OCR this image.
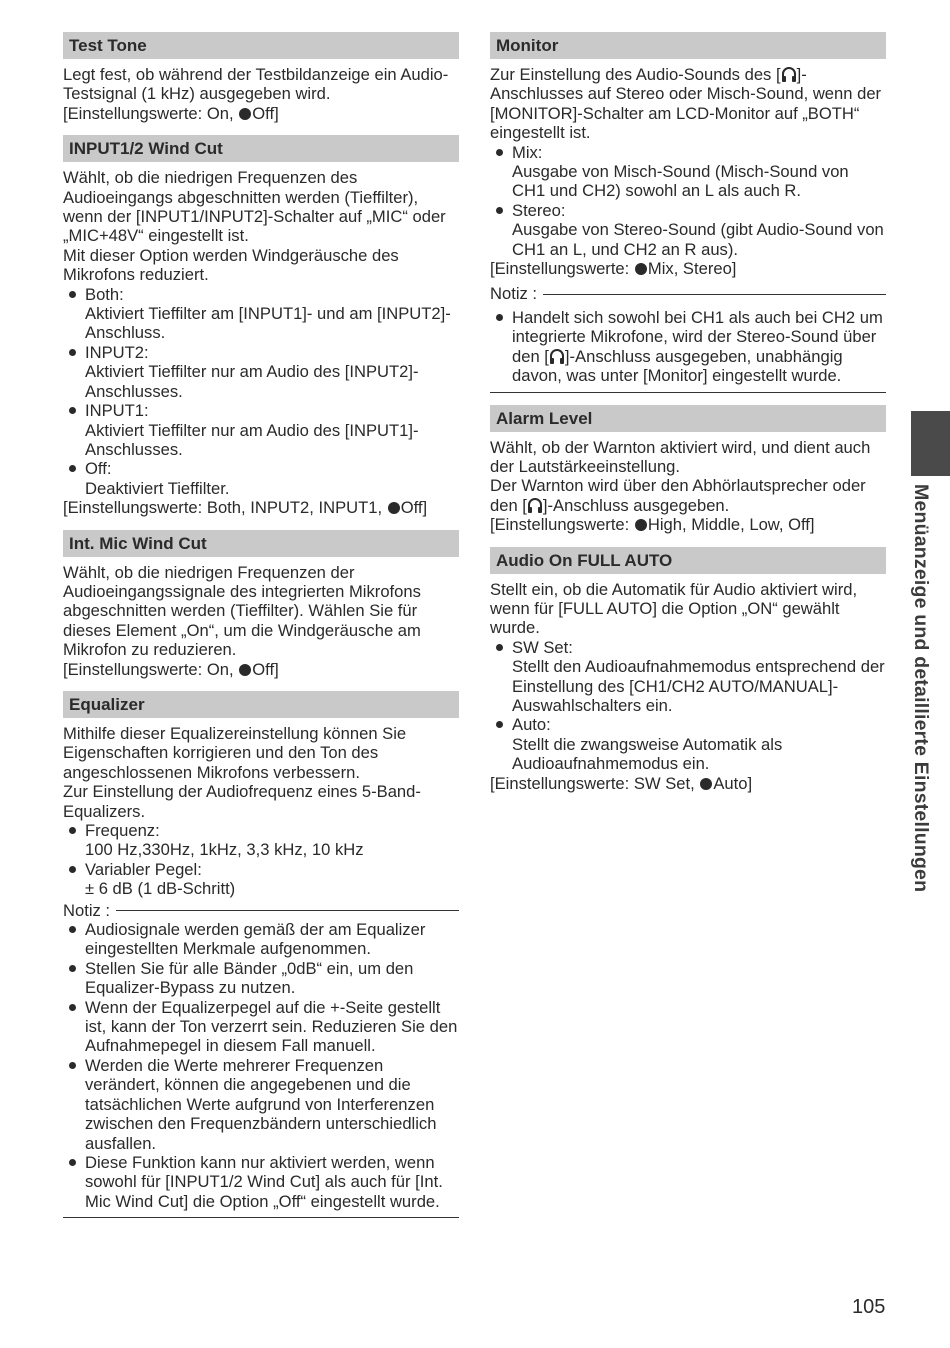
Test Tone

Legt fest, ob während der Testbildanzeige ein Audio-Testsignal (1 kHz) ausgegeben wird.

[Einstellungswerte: On, Off]

INPUT1/2 Wind Cut

Wählt, ob die niedrigen Frequenzen des Audioeingangs abgeschnitten werden (Tieffilter), wenn der [INPUT1/INPUT2]-Schalter auf „MIC“ oder „MIC+48V“ eingestellt ist.

Mit dieser Option werden Windgeräusche des Mikrofons reduziert.

Both:
Aktiviert Tieffilter am [INPUT1]- und am [INPUT2]-Anschluss.
INPUT2:
Aktiviert Tieffilter nur am Audio des [INPUT2]-Anschlusses.
INPUT1:
Aktiviert Tieffilter nur am Audio des [INPUT1]-Anschlusses.
Off:
Deaktiviert Tieffilter.

[Einstellungswerte: Both, INPUT2, INPUT1, Off]

Int. Mic Wind Cut

Wählt, ob die niedrigen Frequenzen der Audioeingangssignale des integrierten Mikrofons abgeschnitten werden (Tieffilter). Wählen Sie für dieses Element „On“, um die Windgeräusche am Mikrofon zu reduzieren.

[Einstellungswerte: On, Off]

Equalizer

Mithilfe dieser Equalizereinstellung können Sie Eigenschaften korrigieren und den Ton des angeschlossenen Mikrofons verbessern.

Zur Einstellung der Audiofrequenz eines 5-Band-Equalizers.

Frequenz:
100 Hz,330Hz, 1kHz, 3,3 kHz, 10 kHz
Variabler Pegel:
± 6 dB (1 dB-Schritt)
Notiz :
Audiosignale werden gemäß der am Equalizer eingestellten Merkmale aufgenommen.
Stellen Sie für alle Bänder „0dB“ ein, um den Equalizer-Bypass zu nutzen.
Wenn der Equalizerpegel auf die +-Seite gestellt ist, kann der Ton verzerrt sein. Reduzieren Sie den Aufnahmepegel in diesem Fall manuell.
Werden die Werte mehrerer Frequenzen verändert, können die angegebenen und die tatsächlichen Werte aufgrund von Interferenzen zwischen den Frequenzbändern unterschiedlich ausfallen.
Diese Funktion kann nur aktiviert werden, wenn sowohl für [INPUT1/2 Wind Cut] als auch für [Int. Mic Wind Cut] die Option „Off“ eingestellt wurde.
Monitor

Zur Einstellung des Audio-Sounds des [ ]-Anschlusses auf Stereo oder Misch-Sound, wenn der [MONITOR]-Schalter am LCD-Monitor auf „BOTH“ eingestellt ist.

Mix:
Ausgabe von Misch-Sound (Misch-Sound von CH1 und CH2) sowohl an L als auch R.
Stereo:
Ausgabe von Stereo-Sound (gibt Audio-Sound von CH1 an L, und CH2 an R aus).

[Einstellungswerte: Mix, Stereo]

Notiz :
Handelt sich sowohl bei CH1 als auch bei CH2 um integrierte Mikrofone, wird der Stereo-Sound über den [ ]-Anschluss ausgegeben, unabhängig davon, was unter [Monitor] eingestellt wurde.
Alarm Level

Wählt, ob der Warnton aktiviert wird, und dient auch der Lautstärkeeinstellung.

Der Warnton wird über den Abhörlautsprecher oder den [ ]-Anschluss ausgegeben.

[Einstellungswerte: High, Middle, Low, Off]

Audio On FULL AUTO

Stellt ein, ob die Automatik für Audio aktiviert wird, wenn für [FULL AUTO] die Option „ON“ gewählt wurde.

SW Set:
Stellt den Audioaufnahmemodus entsprechend der Einstellung des [CH1/CH2 AUTO/MANUAL]-Auswahlschalters ein.
Auto:
Stellt die zwangsweise Automatik als Audioaufnahmemodus ein.

[Einstellungswerte: SW Set, Auto]	Menüanzeige und detaillierte Einstellungen
105
